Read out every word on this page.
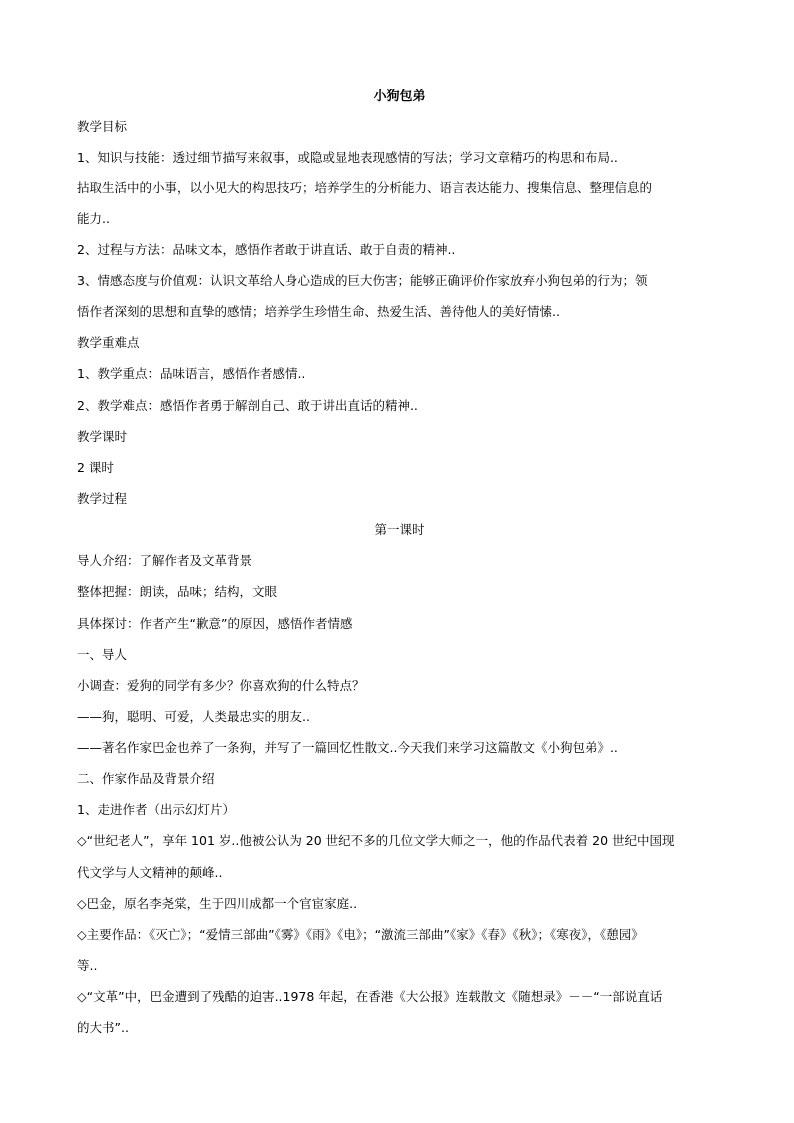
小狗包弟
教学目标
1、知识与技能：透过细节描写来叙事，或隐或显地表现感情的写法；学习文章精巧的构思和布局..
拈取生活中的小事，以小见大的构思技巧；培养学生的分析能力、语言表达能力、搜集信息、整理信息的
能力..
2、过程与方法：品味文本，感悟作者敢于讲直话、敢于自责的精神..
3、情感态度与价值观：认识文革给人身心造成的巨大伤害；能够正确评价作家放弃小狗包弟的行为；领
悟作者深刻的思想和直挚的感情；培养学生珍惜生命、热爱生活、善待他人的美好情愫..
教学重难点
1、教学重点：品味语言，感悟作者感情..
2、教学难点：感悟作者勇于解剖自己、敢于讲出直话的精神..
教学课时
2 课时
教学过程
第一课时
导人介绍：了解作者及文革背景
整体把握：朗读，品味；结构，文眼
具体探讨：作者产生“歉意”的原因，感悟作者情感
一、导人
小调查：爱狗的同学有多少？你喜欢狗的什么特点？
——狗，聪明、可爱，人类最忠实的朋友..
——著名作家巴金也养了一条狗，并写了一篇回忆性散文..今天我们来学习这篇散文《小狗包弟》..
二、作家作品及背景介绍
1、走进作者（出示幻灯片）
◇“世纪老人”，享年 101 岁..他被公认为 20 世纪不多的几位文学大师之一，他的作品代表着 20 世纪中国现
代文学与人文精神的颠峰..
◇巴金，原名李尧棠，生于四川成都一个官宦家庭..
◇主要作品：《灭亡》；“爱情三部曲”《雾》《雨》《电》；“激流三部曲”《家》《春》《秋》；《寒夜》，《憩园》
等..
◇“文革”中，巴金遭到了残酷的迫害..1978 年起，在香港《大公报》连载散文《随想录》－－“一部说直话
的大书”..
